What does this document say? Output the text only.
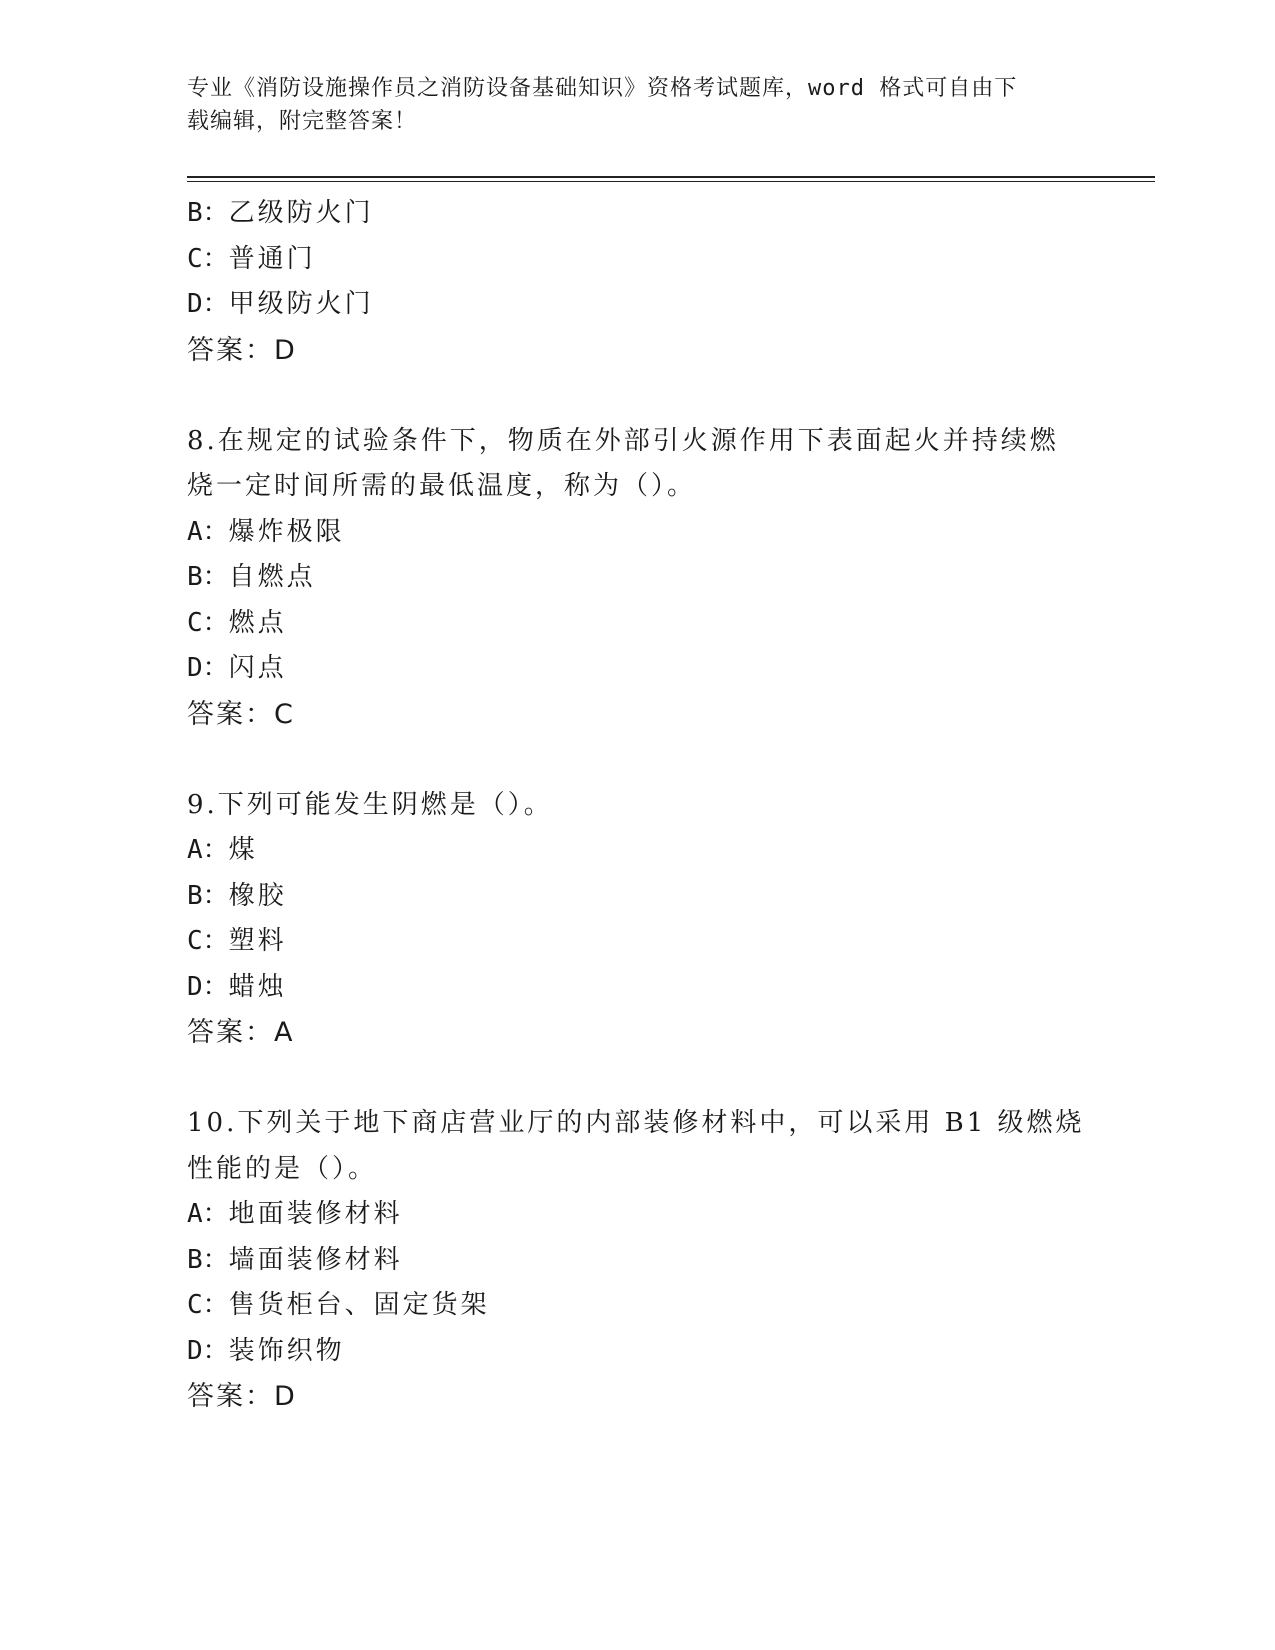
专业《消防设施操作员之消防设备基础知识》资格考试题库，word 格式可自由下
载编辑，附完整答案！
B：乙级防火门
C：普通门
D：甲级防火门
答案：D
8.在规定的试验条件下，物质在外部引火源作用下表面起火并持续燃
烧一定时间所需的最低温度，称为（）。
A：爆炸极限
B：自燃点
C：燃点
D：闪点
答案：C
9.下列可能发生阴燃是（）。
A：煤
B：橡胶
C：塑料
D：蜡烛
答案：A
10.下列关于地下商店营业厅的内部装修材料中，可以采用 B1 级燃烧
性能的是（）。
A：地面装修材料
B：墙面装修材料
C：售货柜台、固定货架
D：装饰织物
答案：D
